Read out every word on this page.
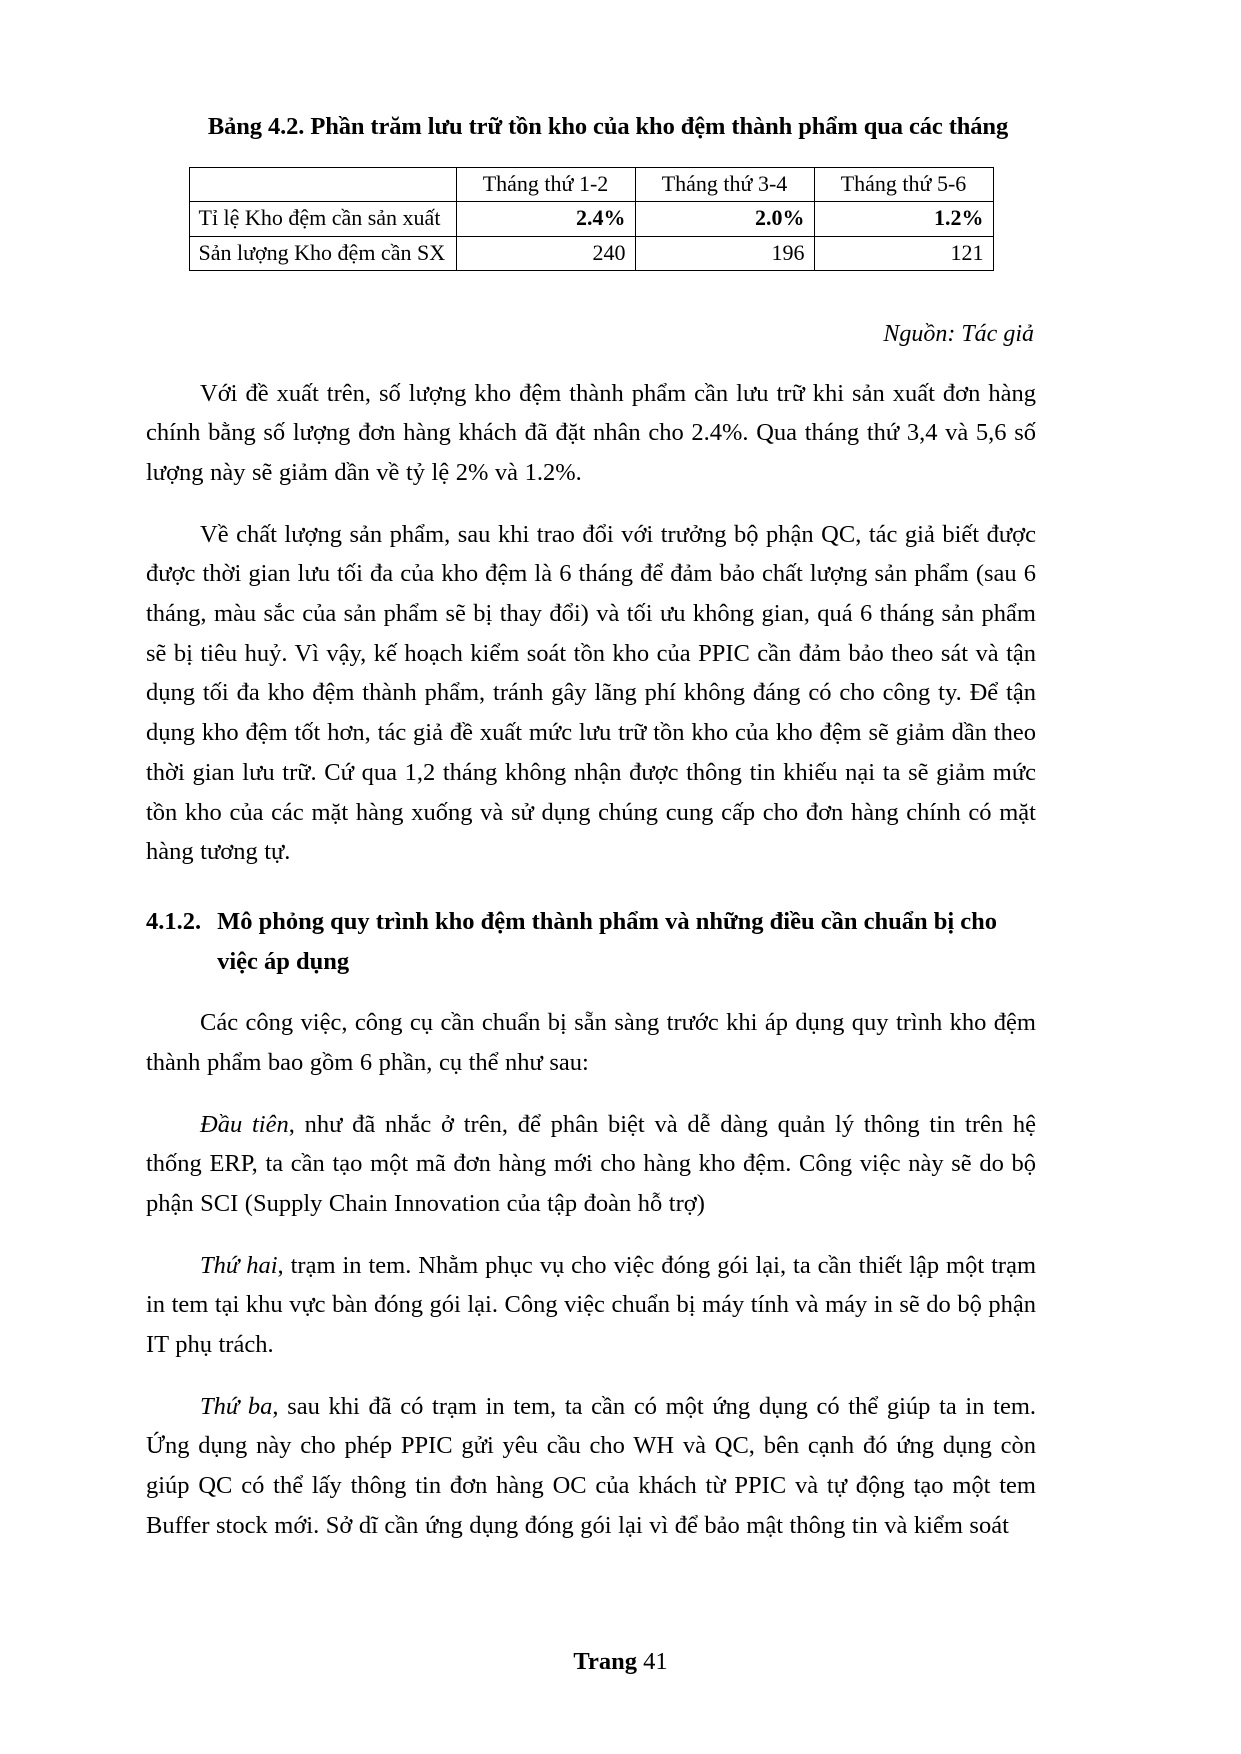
Bảng 4.2. Phần trăm lưu trữ tồn kho của kho đệm thành phẩm qua các tháng
	Tháng thứ 1-2	Tháng thứ 3-4	Tháng thứ 5-6
Tỉ lệ Kho đệm cần sản xuất	2.4%	2.0%	1.2%
Sản lượng Kho đệm cần SX	240	196	121
Nguồn: Tác giả

Với đề xuất trên, số lượng kho đệm thành phẩm cần lưu trữ khi sản xuất đơn hàng chính bằng số lượng đơn hàng khách đã đặt nhân cho 2.4%. Qua tháng thứ 3,4 và 5,6 số lượng này sẽ giảm dần về tỷ lệ 2% và 1.2%.

Về chất lượng sản phẩm, sau khi trao đổi với trưởng bộ phận QC, tác giả biết được được thời gian lưu tối đa của kho đệm là 6 tháng để đảm bảo chất lượng sản phẩm (sau 6 tháng, màu sắc của sản phẩm sẽ bị thay đổi) và tối ưu không gian, quá 6 tháng sản phẩm sẽ bị tiêu huỷ. Vì vậy, kế hoạch kiểm soát tồn kho của PPIC cần đảm bảo theo sát và tận dụng tối đa kho đệm thành phẩm, tránh gây lãng phí không đáng có cho công ty. Để tận dụng kho đệm tốt hơn, tác giả đề xuất mức lưu trữ tồn kho của kho đệm sẽ giảm dần theo thời gian lưu trữ. Cứ qua 1,2 tháng không nhận được thông tin khiếu nại ta sẽ giảm mức tồn kho của các mặt hàng xuống và sử dụng chúng cung cấp cho đơn hàng chính có mặt hàng tương tự.

4.1.2. Mô phỏng quy trình kho đệm thành phẩm và những điều cần chuẩn bị cho việc áp dụng

Các công việc, công cụ cần chuẩn bị sẵn sàng trước khi áp dụng quy trình kho đệm thành phẩm bao gồm 6 phần, cụ thể như sau:

Đầu tiên, như đã nhắc ở trên, để phân biệt và dễ dàng quản lý thông tin trên hệ thống ERP, ta cần tạo một mã đơn hàng mới cho hàng kho đệm. Công việc này sẽ do bộ phận SCI (Supply Chain Innovation của tập đoàn hỗ trợ)

Thứ hai, trạm in tem. Nhằm phục vụ cho việc đóng gói lại, ta cần thiết lập một trạm in tem tại khu vực bàn đóng gói lại. Công việc chuẩn bị máy tính và máy in sẽ do bộ phận IT phụ trách.

Thứ ba, sau khi đã có trạm in tem, ta cần có một ứng dụng có thể giúp ta in tem. Ứng dụng này cho phép PPIC gửi yêu cầu cho WH và QC, bên cạnh đó ứng dụng còn giúp QC có thể lấy thông tin đơn hàng OC của khách từ PPIC và tự động tạo một tem Buffer stock mới. Sở dĩ cần ứng dụng đóng gói lại vì để bảo mật thông tin và kiểm soát

Trang 41
